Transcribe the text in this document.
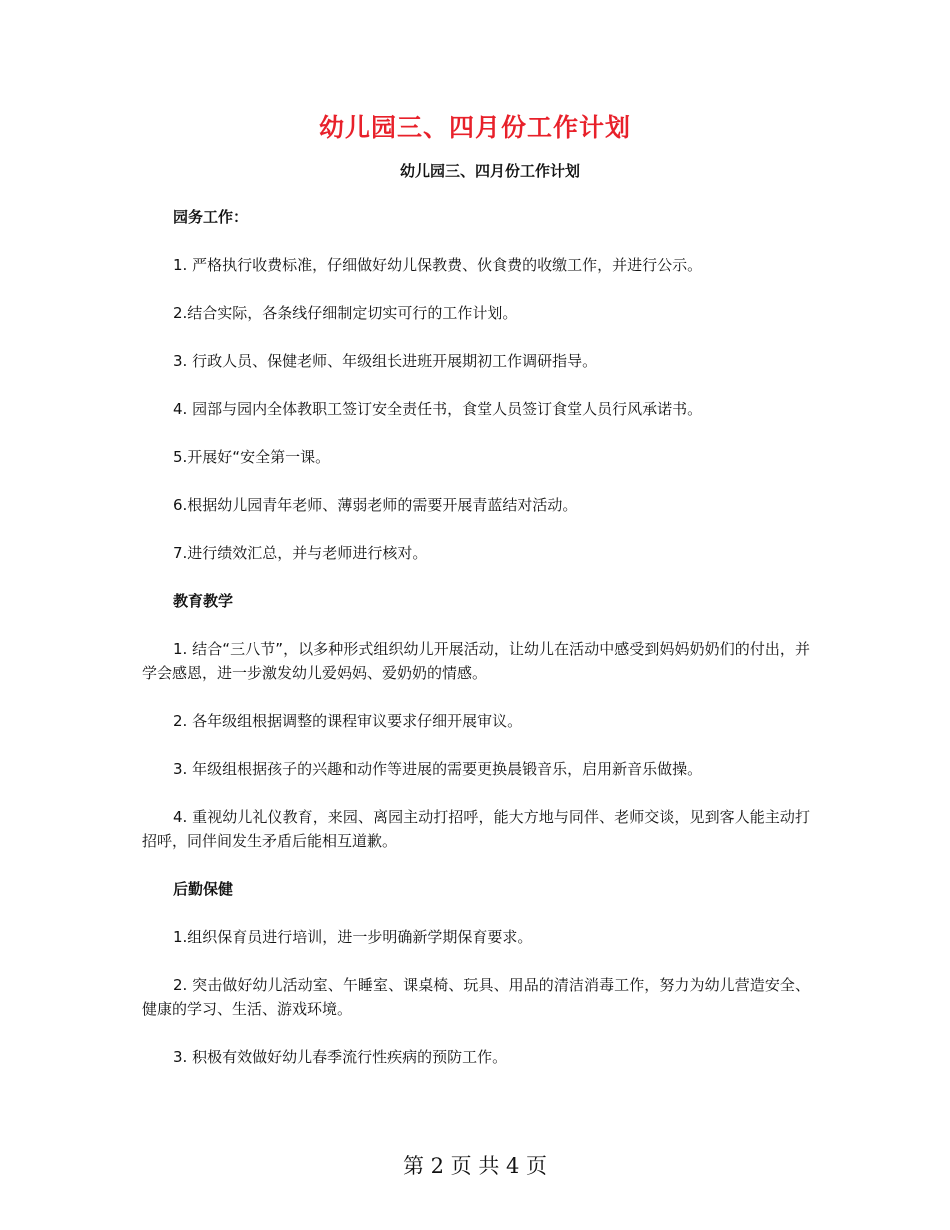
幼儿园三、四月份工作计划
幼儿园三、四月份工作计划

园务工作：

1. 严格执行收费标准，仔细做好幼儿保教费、伙食费的收缴工作，并进行公示。

2.结合实际，各条线仔细制定切实可行的工作计划。

3. 行政人员、保健老师、年级组长进班开展期初工作调研指导。

4. 园部与园内全体教职工签订安全责任书，食堂人员签订食堂人员行风承诺书。

5.开展好“安全第一课。

6.根据幼儿园青年老师、薄弱老师的需要开展青蓝结对活动。

7.进行绩效汇总，并与老师进行核对。

教育教学

1. 结合“三八节”，以多种形式组织幼儿开展活动，让幼儿在活动中感受到妈妈奶奶们的付出，并学会感恩，进一步激发幼儿爱妈妈、爱奶奶的情感。

2. 各年级组根据调整的课程审议要求仔细开展审议。

3. 年级组根据孩子的兴趣和动作等进展的需要更换晨锻音乐，启用新音乐做操。

4. 重视幼儿礼仪教育，来园、离园主动打招呼，能大方地与同伴、老师交谈，见到客人能主动打招呼，同伴间发生矛盾后能相互道歉。

后勤保健

1.组织保育员进行培训，进一步明确新学期保育要求。

2. 突击做好幼儿活动室、午睡室、课桌椅、玩具、用品的清洁消毒工作，努力为幼儿营造安全、健康的学习、生活、游戏环境。

3. 积极有效做好幼儿春季流行性疾病的预防工作。

第 2 页 共 4 页
